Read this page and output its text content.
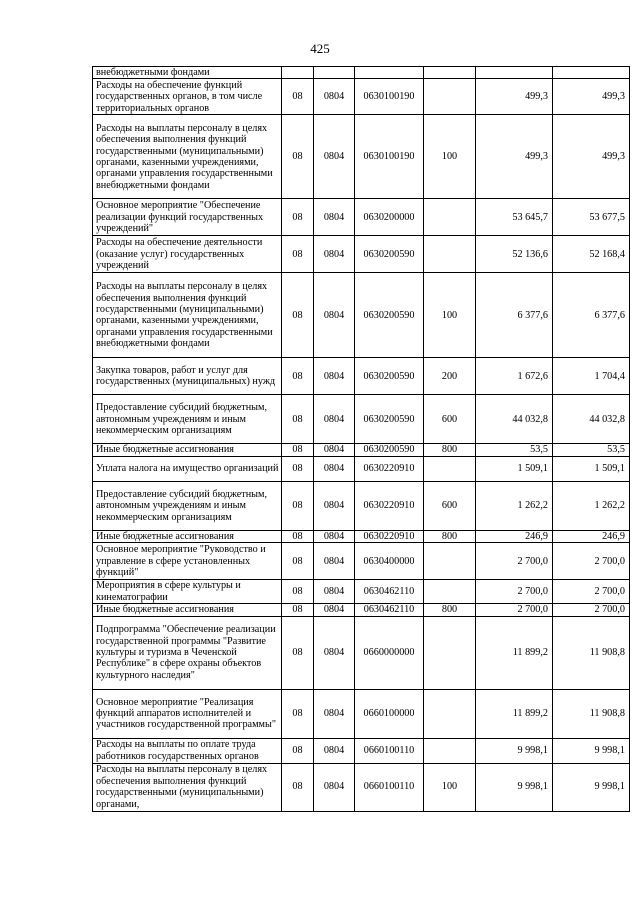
425
внебюджетными фондами						
Расходы на обеспечение функций государственных органов, в том числе территориальных органов	08	0804	0630100190		499,3	499,3
Расходы на выплаты персоналу в целях обеспечения выполнения функций государственными (муниципальными) органами, казенными учреждениями, органами управления государственными внебюджетными фондами	08	0804	0630100190	100	499,3	499,3
Основное мероприятие "Обеспечение реализации функций государственных учреждений"	08	0804	0630200000		53 645,7	53 677,5
Расходы на обеспечение деятельности (оказание услуг) государственных учреждений	08	0804	0630200590		52 136,6	52 168,4
Расходы на выплаты персоналу в целях обеспечения выполнения функций государственными (муниципальными) органами, казенными учреждениями, органами управления государственными внебюджетными фондами	08	0804	0630200590	100	6 377,6	6 377,6
Закупка товаров, работ и услуг для государственных (муниципальных) нужд	08	0804	0630200590	200	1 672,6	1 704,4
Предоставление субсидий бюджетным, автономным учреждениям и иным некоммерческим организациям	08	0804	0630200590	600	44 032,8	44 032,8
Иные бюджетные ассигнования	08	0804	0630200590	800	53,5	53,5
Уплата налога на имущество организаций	08	0804	0630220910		1 509,1	1 509,1
Предоставление субсидий бюджетным, автономным учреждениям и иным некоммерческим организациям	08	0804	0630220910	600	1 262,2	1 262,2
Иные бюджетные ассигнования	08	0804	0630220910	800	246,9	246,9
Основное мероприятие "Руководство и управление в сфере установленных функций"	08	0804	0630400000		2 700,0	2 700,0
Мероприятия в сфере культуры и кинематографии	08	0804	0630462110		2 700,0	2 700,0
Иные бюджетные ассигнования	08	0804	0630462110	800	2 700,0	2 700,0
Подпрограмма "Обеспечение реализации государственной программы "Развитие культуры и туризма в Чеченской Республике" в сфере охраны объектов культурного наследия"	08	0804	0660000000		11 899,2	11 908,8
Основное мероприятие "Реализация функций аппаратов исполнителей и участников государственной программы"	08	0804	0660100000		11 899,2	11 908,8
Расходы на выплаты по оплате труда работников государственных органов	08	0804	0660100110		9 998,1	9 998,1
Расходы на выплаты персоналу в целях обеспечения выполнения функций государственными (муниципальными) органами,	08	0804	0660100110	100	9 998,1	9 998,1
